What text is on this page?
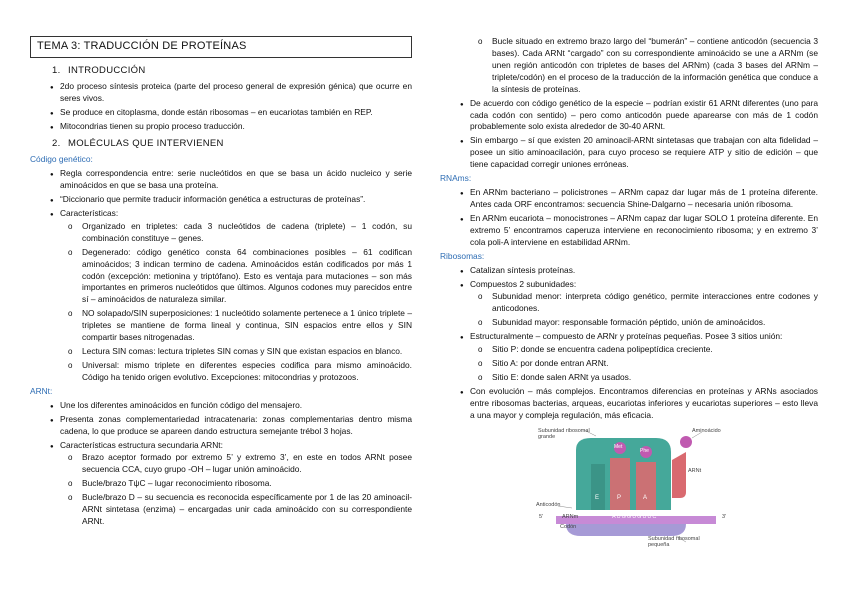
TEMA 3: TRADUCCIÓN DE PROTEÍNAS
1. INTRODUCCIÓN
● 2do proceso síntesis proteica (parte del proceso general de expresión génica) que ocurre en seres vivos.
● Se produce en citoplasma, donde están ribosomas – en eucariotas también en REP.
● Mitocondrias tienen su propio proceso traducción.
2. MOLÉCULAS QUE INTERVIENEN
Código genético:
● Regla correspondencia entre: serie nucleótidos en que se basa un ácido nucleico y serie aminoácidos en que se basa una proteína.
● “Diccionario que permite traducir información genética a estructuras de proteínas”.
● Características:
o Organizado en tripletes: cada 3 nucleótidos de cadena (triplete) – 1 codón, su combinación constituye – genes.
o Degenerado: código genético consta 64 combinaciones posibles – 61 codifican aminoácidos; 3 indican termino de cadena. Aminoácidos están codificados por más 1 codón (excepción: metionina y triptófano). Esto es ventaja para mutaciones – son más importantes en primeros nucleótidos que últimos. Algunos codones muy parecidos entre sí – aminoácidos de naturaleza similar.
o NO solapado/SIN superposiciones: 1 nucleótido solamente pertenece a 1 único triplete – tripletes se mantiene de forma lineal y continua, SIN espacios entre ellos y SIN compartir bases nitrogenadas.
o Lectura SIN comas: lectura tripletes SIN comas y SIN que existan espacios en blanco.
o Universal: mismo triplete en diferentes especies codifica para mismo aminoácido. Código ha tenido origen evolutivo. Excepciones: mitocondrias y protozoos.
ARNt:
● Une los diferentes aminoácidos en función código del mensajero.
● Presenta zonas complementariedad intracatenaria: zonas complementarias dentro misma cadena, lo que produce se apareen dando estructura semejante trébol 3 hojas.
● Características estructura secundaria ARNt:
o Brazo aceptor formado por extremo 5’ y extremo 3’, en este en todos ARNt posee secuencia CCA, cuyo grupo -OH – lugar unión aminoácido.
o Bucle/brazo TψC – lugar reconocimiento ribosoma.
o Bucle/brazo D – su secuencia es reconocida específicamente por 1 de las 20 aminoacil-ARNt sintetasa (enzima) – encargadas unir cada aminoácido con su correspondiente ARNt.
o Bucle situado en extremo brazo largo del “bumerán” – contiene anticodón (secuencia 3 bases). Cada ARNt “cargado” con su correspondiente aminoácido se une a ARNm (se unen región anticodón con tripletes de bases del ARNm) (cada 3 bases del ARNm – triplete/codón) en el proceso de la traducción de la información genética que conduce a la síntesis de proteínas.
● De acuerdo con código genético de la especie – podrían existir 61 ARNt diferentes (uno para cada codón con sentido) – pero como anticodón puede aparearse con más de 1 codón probablemente solo exista alrededor de 30-40 ARNt.
● Sin embargo – sí que existen 20 aminoacil-ARNt sintetasas que trabajan con alta fidelidad – posee un sitio aminoacilación, para cuyo proceso se requiere ATP y sitio de edición – que tiene capacidad corregir uniones erróneas.
RNAms:
● En ARNm bacteriano – policistrones – ARNm capaz dar lugar más de 1 proteína diferente. Antes cada ORF encontramos: secuencia Shine-Dalgarno – necesaria unión ribosoma.
● En ARNm eucariota – monocistrones – ARNm capaz dar lugar SOLO 1 proteína diferente. En extremo 5’ encontramos caperuza interviene en reconocimiento ribosoma; y en extremo 3’ cola poli-A interviene en estabilidad ARNm.
Ribosomas:
● Catalizan síntesis proteínas.
● Compuestos 2 subunidades:
o Subunidad menor: interpreta código genético, permite interacciones entre codones y anticodones.
o Subunidad mayor: responsable formación péptido, unión de aminoácidos.
● Estructuralmente – compuesto de ARNr y proteínas pequeñas. Posee 3 sitios unión:
o Sitio P: donde se encuentra cadena polipeptídica creciente.
o Sitio A: por donde entran ARNt.
o Sitio E: donde salen ARNt ya usados.
● Con evolución – más complejos. Encontramos diferencias en proteínas y ARNs asociados entre ribosomas bacterias, arqueas, eucariotas inferiores y eucariotas superiores – esto lleva a una mayor y compleja regulación, más eficacia.
Subunidad ribosomal grande
Aminoácido
ARNt
Anticodón
Codón
5'	ARNm	AUGGUGUUC	3'
Subunidad ribosomal pequeña
Met
Phe
E	P	A
